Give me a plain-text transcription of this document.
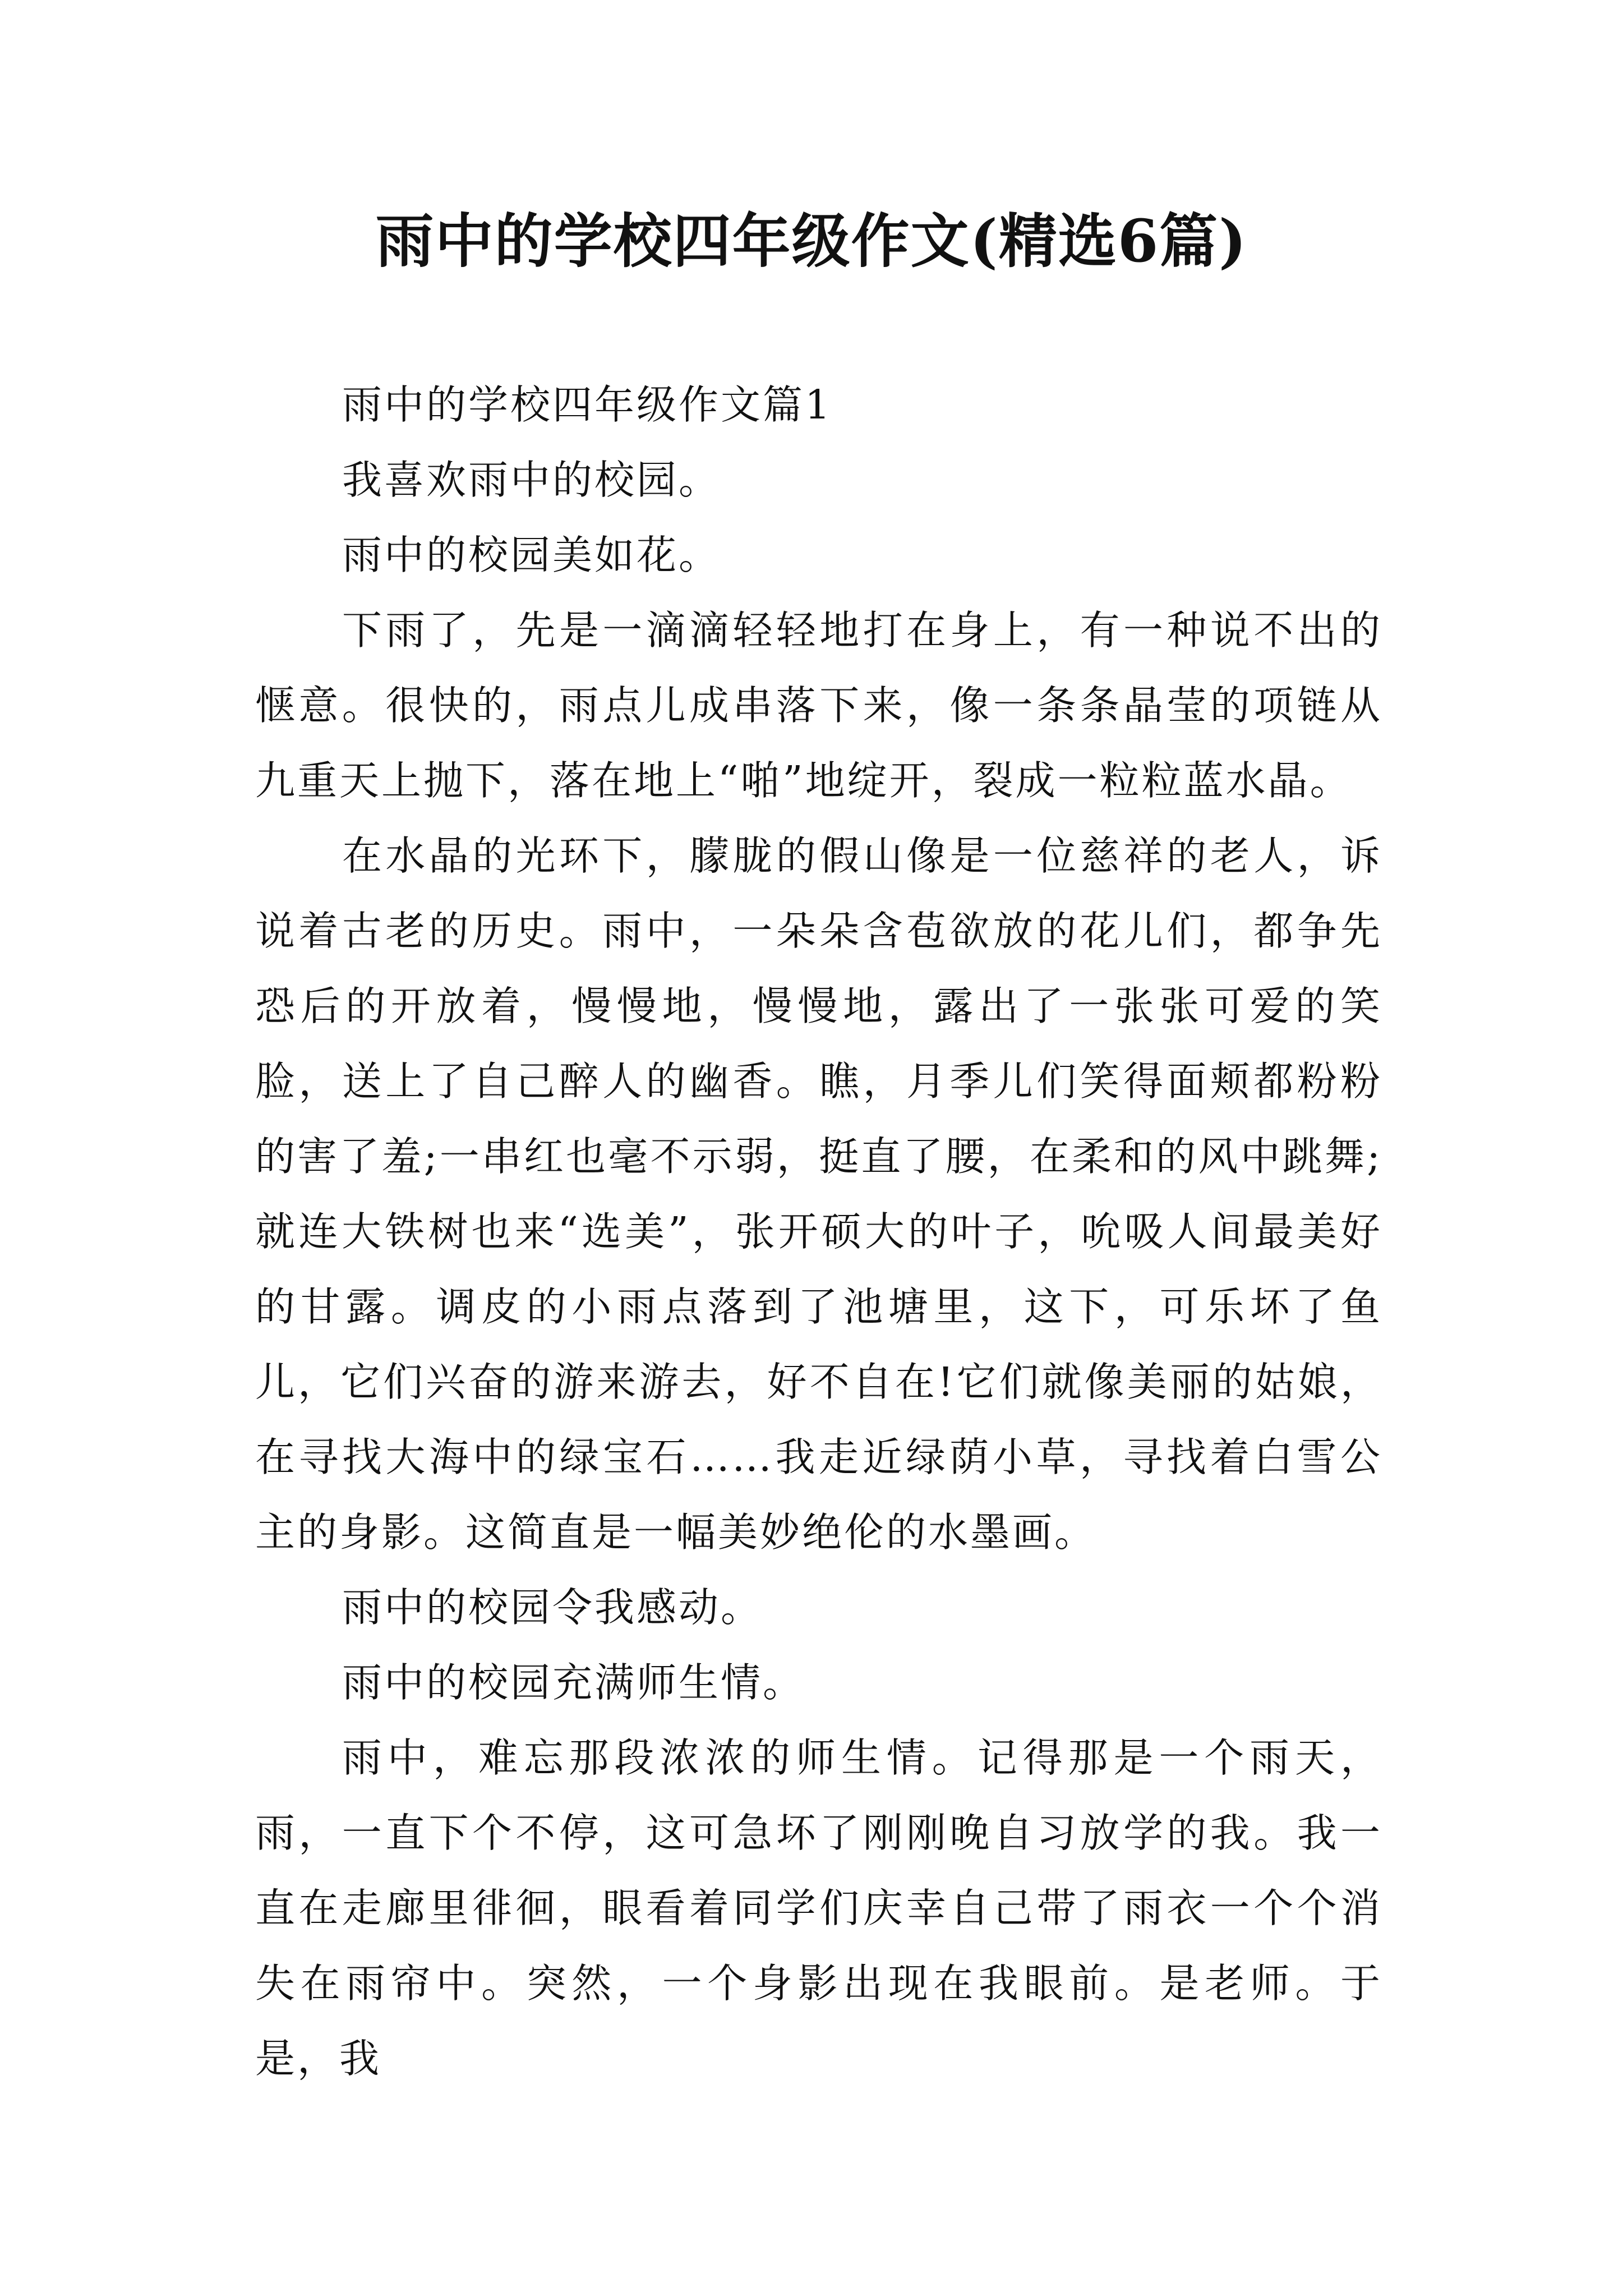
雨中的学校四年级作文(精选6篇)

雨中的学校四年级作文篇1

我喜欢雨中的校园。

雨中的校园美如花。

下雨了，先是一滴滴轻轻地打在身上，有一种说不出的惬意。很快的，雨点儿成串落下来，像一条条晶莹的项链从九重天上抛下，落在地上“啪”地绽开，裂成一粒粒蓝水晶。

在水晶的光环下，朦胧的假山像是一位慈祥的老人，诉说着古老的历史。雨中，一朵朵含苞欲放的花儿们，都争先恐后的开放着，慢慢地，慢慢地，露出了一张张可爱的笑脸，送上了自己醉人的幽香。瞧，月季儿们笑得面颊都粉粉的害了羞;一串红也毫不示弱，挺直了腰，在柔和的风中跳舞;就连大铁树也来“选美”，张开硕大的叶子，吮吸人间最美好的甘露。调皮的小雨点落到了池塘里，这下，可乐坏了鱼儿，它们兴奋的游来游去，好不自在!它们就像美丽的姑娘，在寻找大海中的绿宝石……我走近绿荫小草，寻找着白雪公主的身影。这简直是一幅美妙绝伦的水墨画。

雨中的校园令我感动。

雨中的校园充满师生情。

雨中，难忘那段浓浓的师生情。记得那是一个雨天，雨，一直下个不停，这可急坏了刚刚晚自习放学的我。我一直在走廊里徘徊，眼看着同学们庆幸自己带了雨衣一个个消失在雨帘中。突然，一个身影出现在我眼前。是老师。于是，我
